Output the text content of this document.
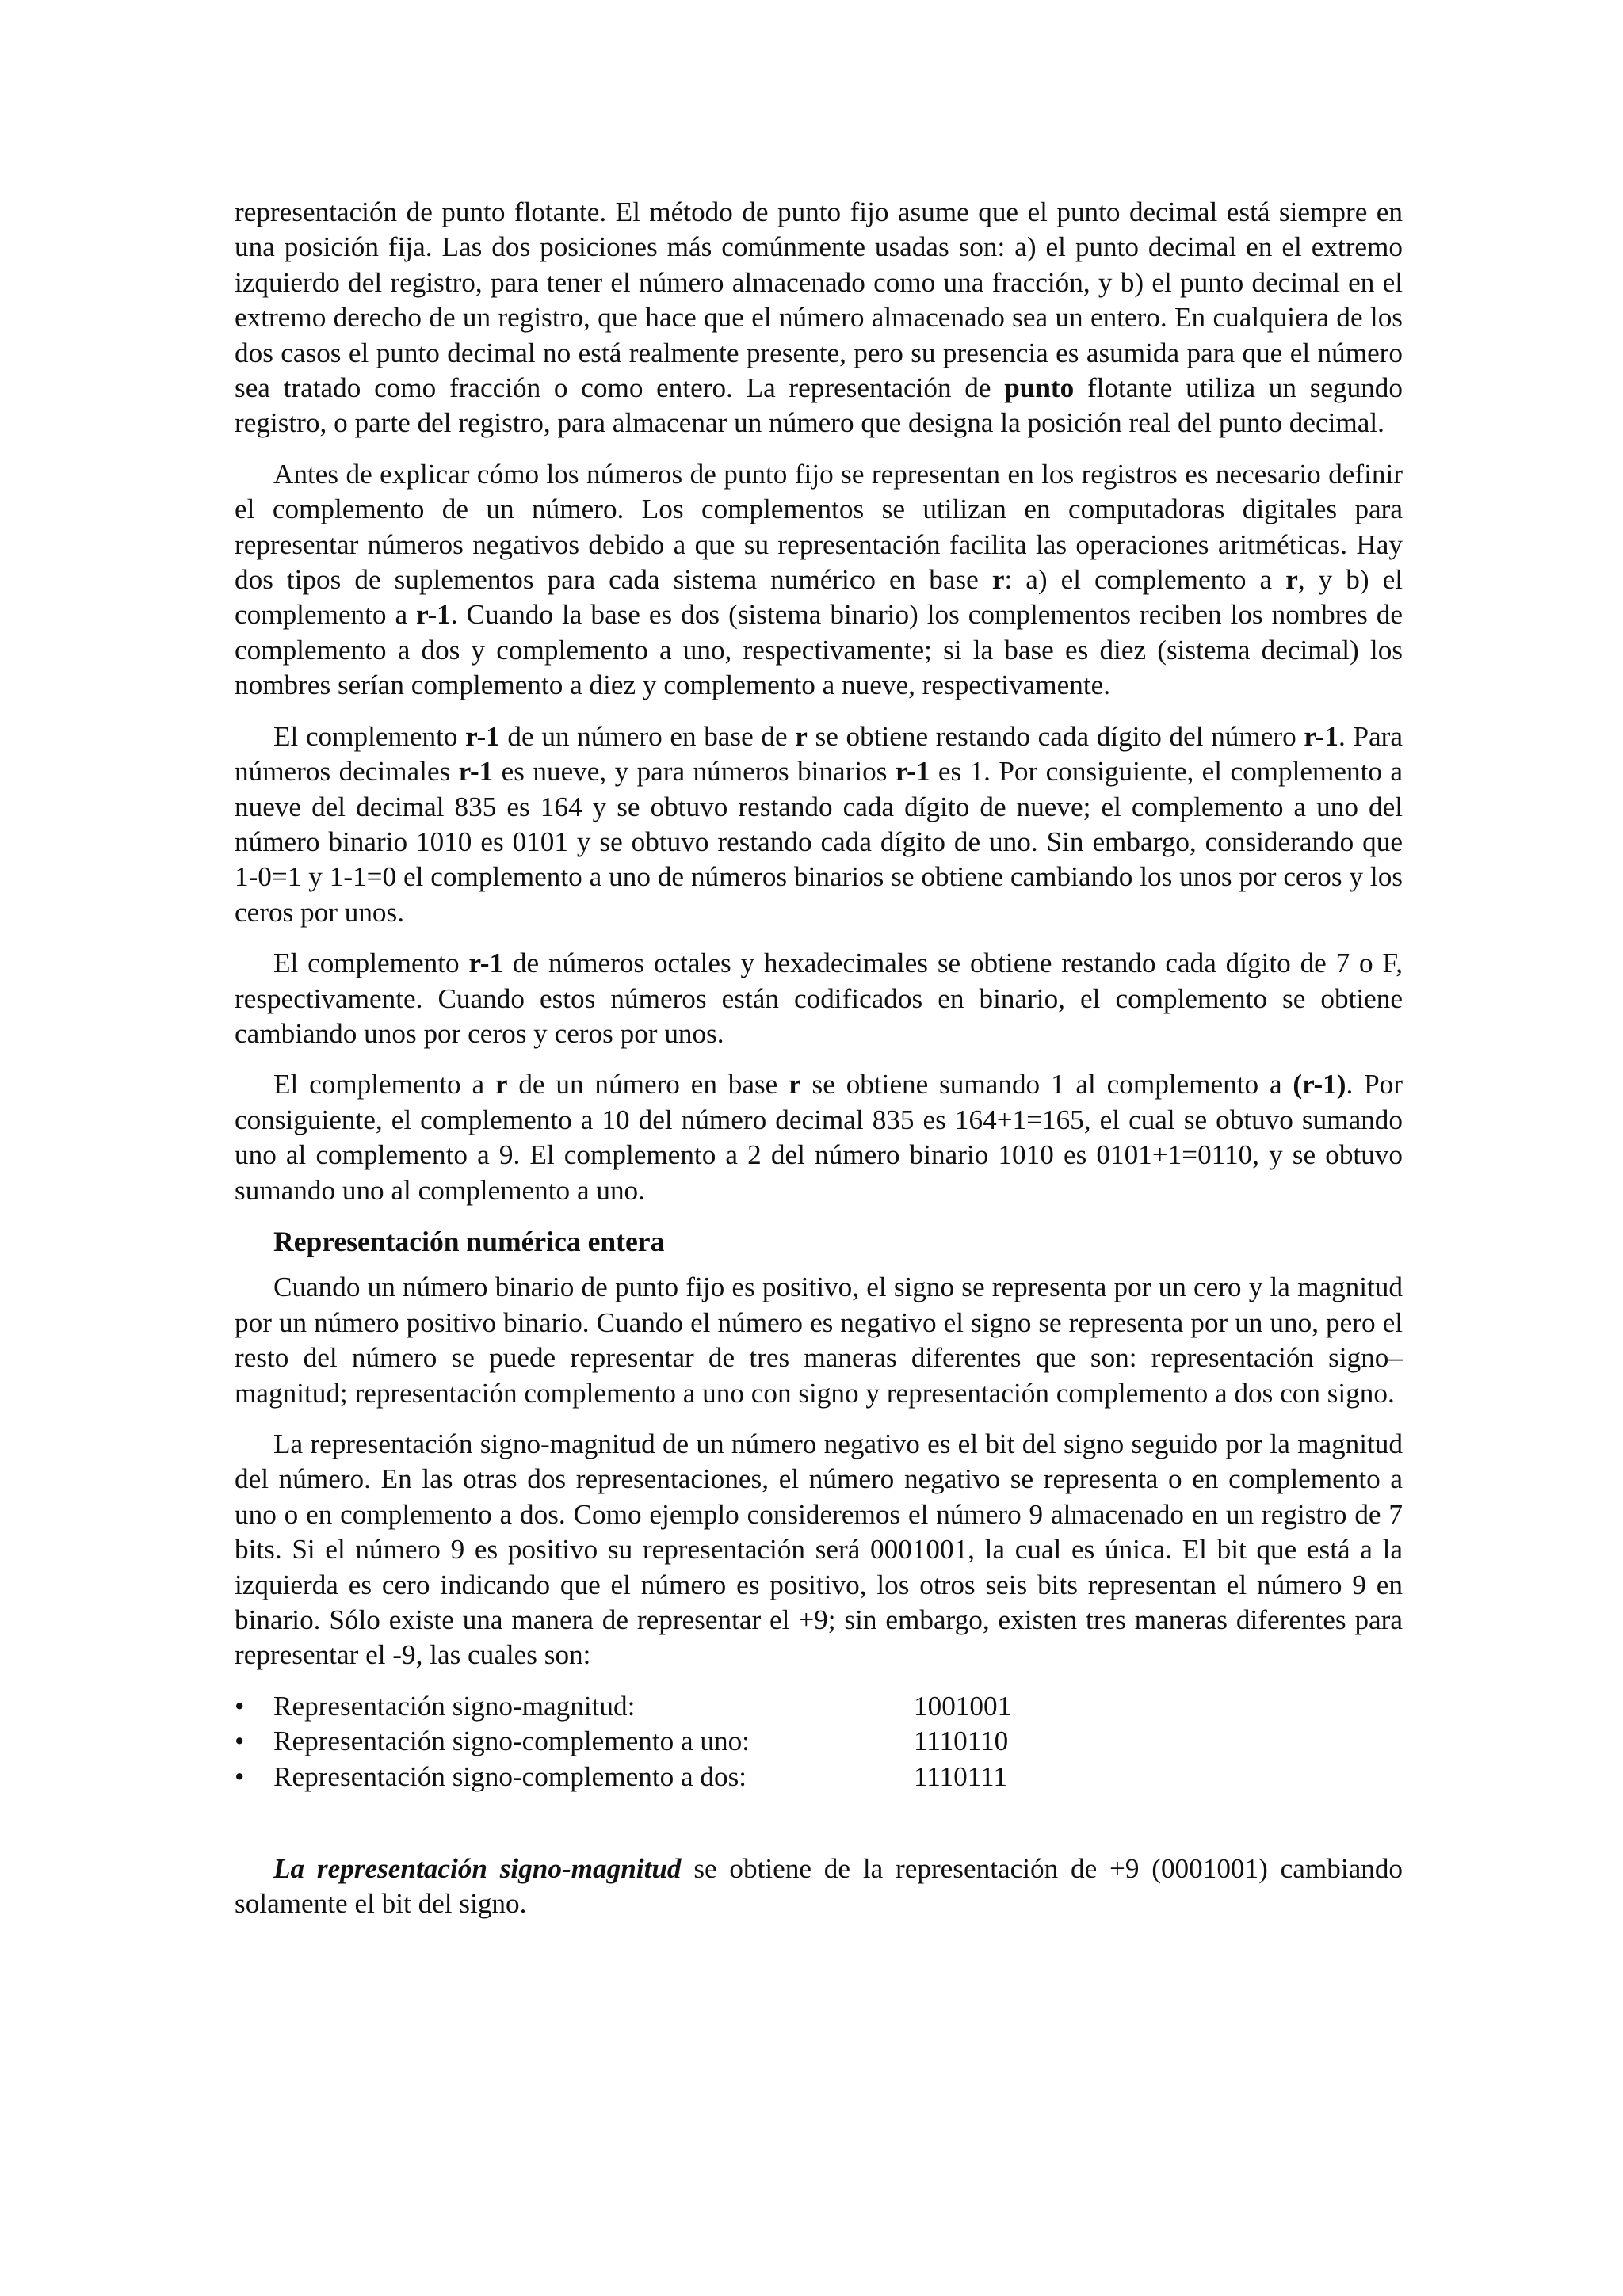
representación de punto flotante. El método de punto fijo asume que el punto decimal está siempre en una posición fija. Las dos posiciones más comúnmente usadas son: a) el punto decimal en el extremo izquierdo del registro, para tener el número almacenado como una fracción, y b) el punto decimal en el extremo derecho de un registro, que hace que el número almacenado sea un entero. En cualquiera de los dos casos el punto decimal no está realmente presente, pero su presencia es asumida para que el número sea tratado como fracción o como entero. La representación de punto flotante utiliza un segundo registro, o parte del registro, para almacenar un número que designa la posición real del punto decimal.

Antes de explicar cómo los números de punto fijo se representan en los registros es necesario definir el complemento de un número. Los complementos se utilizan en computadoras digitales para representar números negativos debido a que su representación facilita las operaciones aritméticas. Hay dos tipos de suplementos para cada sistema numérico en base r: a) el complemento a r, y b) el complemento a r-1. Cuando la base es dos (sistema binario) los complementos reciben los nombres de complemento a dos y complemento a uno, respectivamente; si la base es diez (sistema decimal) los nombres serían complemento a diez y complemento a nueve, respectivamente.

El complemento r-1 de un número en base de r se obtiene restando cada dígito del número r-1. Para números decimales r-1 es nueve, y para números binarios r-1 es 1. Por consiguiente, el complemento a nueve del decimal 835 es 164 y se obtuvo restando cada dígito de nueve; el complemento a uno del número binario 1010 es 0101 y se obtuvo restando cada dígito de uno. Sin embargo, considerando que 1-0=1 y 1-1=0 el complemento a uno de números binarios se obtiene cambiando los unos por ceros y los ceros por unos.

El complemento r-1 de números octales y hexadecimales se obtiene restando cada dígito de 7 o F, respectivamente. Cuando estos números están codificados en binario, el complemento se obtiene cambiando unos por ceros y ceros por unos.

El complemento a r de un número en base r se obtiene sumando 1 al complemento a (r-1). Por consiguiente, el complemento a 10 del número decimal 835 es 164+1=165, el cual se obtuvo sumando uno al complemento a 9. El complemento a 2 del número binario 1010 es 0101+1=0110, y se obtuvo sumando uno al complemento a uno.

Representación numérica entera

Cuando un número binario de punto fijo es positivo, el signo se representa por un cero y la magnitud por un número positivo binario. Cuando el número es negativo el signo se representa por un uno, pero el resto del número se puede representar de tres maneras diferentes que son: representación signo–magnitud; representación complemento a uno con signo y representación complemento a dos con signo.

La representación signo-magnitud de un número negativo es el bit del signo seguido por la magnitud del número. En las otras dos representaciones, el número negativo se representa o en complemento a uno o en complemento a dos. Como ejemplo consideremos el número 9 almacenado en un registro de 7 bits. Si el número 9 es positivo su representación será 0001001, la cual es única. El bit que está a la izquierda es cero indicando que el número es positivo, los otros seis bits representan el número 9 en binario. Sólo existe una manera de representar el +9; sin embargo, existen tres maneras diferentes para representar el -9, las cuales son:

• Representación signo-magnitud:	1001001
• Representación signo-complemento a uno:	1110110
• Representación signo-complemento a dos:	1110111

La representación signo-magnitud se obtiene de la representación de +9 (0001001) cambiando solamente el bit del signo.
